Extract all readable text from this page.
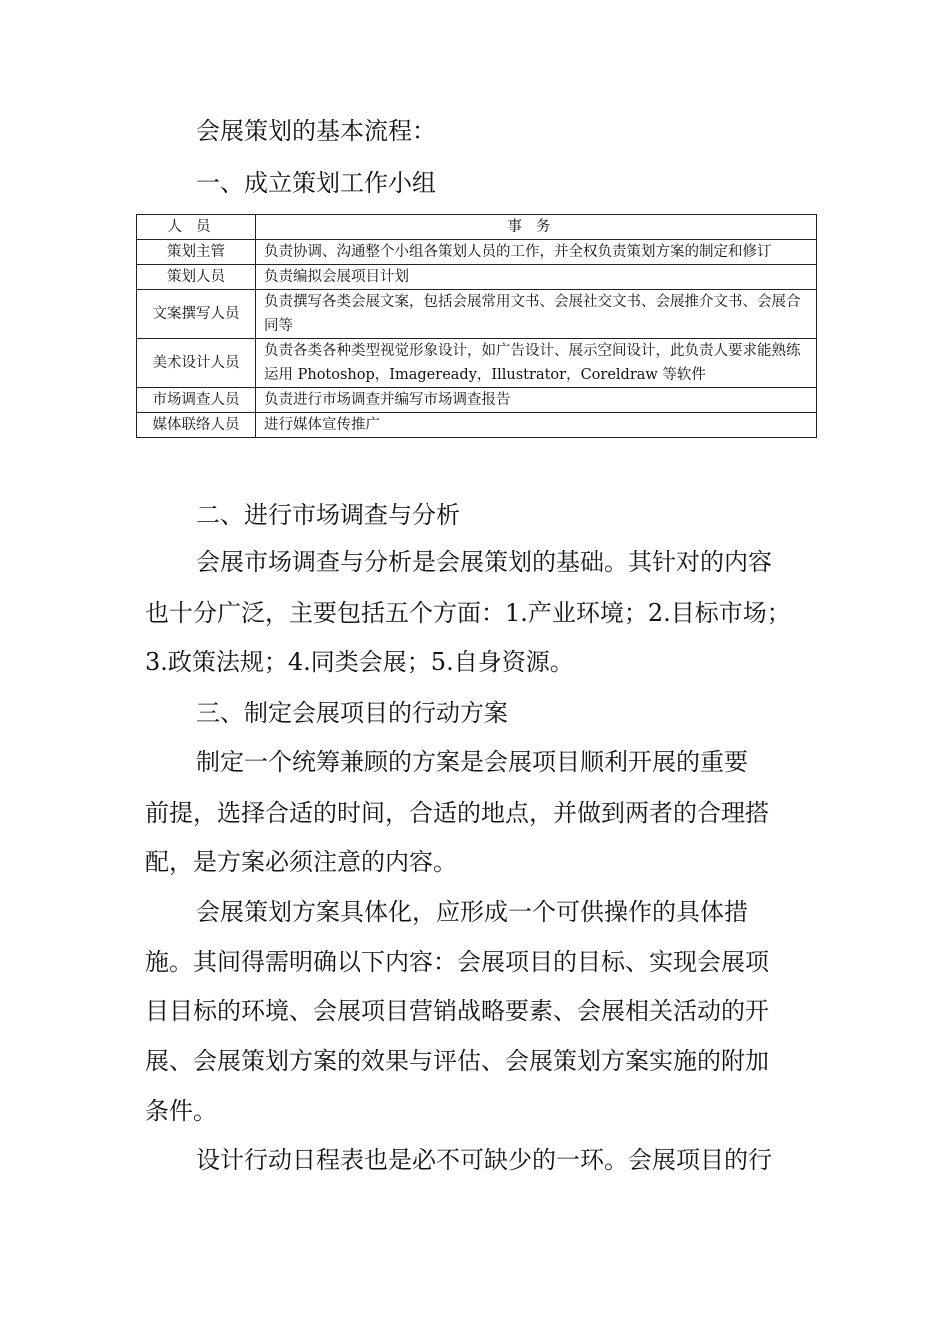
会展策划的基本流程：

一、成立策划工作小组

人员	事务
策划主管	负责协调、沟通整个小组各策划人员的工作，并全权负责策划方案的制定和修订
策划人员	负责编拟会展项目计划
文案撰写人员	负责撰写各类会展文案，包括会展常用文书、会展社交文书、会展推介文书、会展合同等
美术设计人员	负责各类各种类型视觉形象设计，如广告设计、展示空间设计，此负责人要求能熟练运用 Photoshop，Imageready，Illustrator，Coreldraw 等软件
市场调查人员	负责进行市场调查并编写市场调查报告
媒体联络人员	进行媒体宣传推广

二、进行市场调查与分析

会展市场调查与分析是会展策划的基础。其针对的内容

也十分广泛，主要包括五个方面：1.产业环境；2.目标市场；

3.政策法规；4.同类会展；5.自身资源。

三、制定会展项目的行动方案

制定一个统筹兼顾的方案是会展项目顺利开展的重要

前提，选择合适的时间，合适的地点，并做到两者的合理搭

配，是方案必须注意的内容。

会展策划方案具体化，应形成一个可供操作的具体措

施。其间得需明确以下内容：会展项目的目标、实现会展项

目目标的环境、会展项目营销战略要素、会展相关活动的开

展、会展策划方案的效果与评估、会展策划方案实施的附加

条件。

设计行动日程表也是必不可缺少的一环。会展项目的行
